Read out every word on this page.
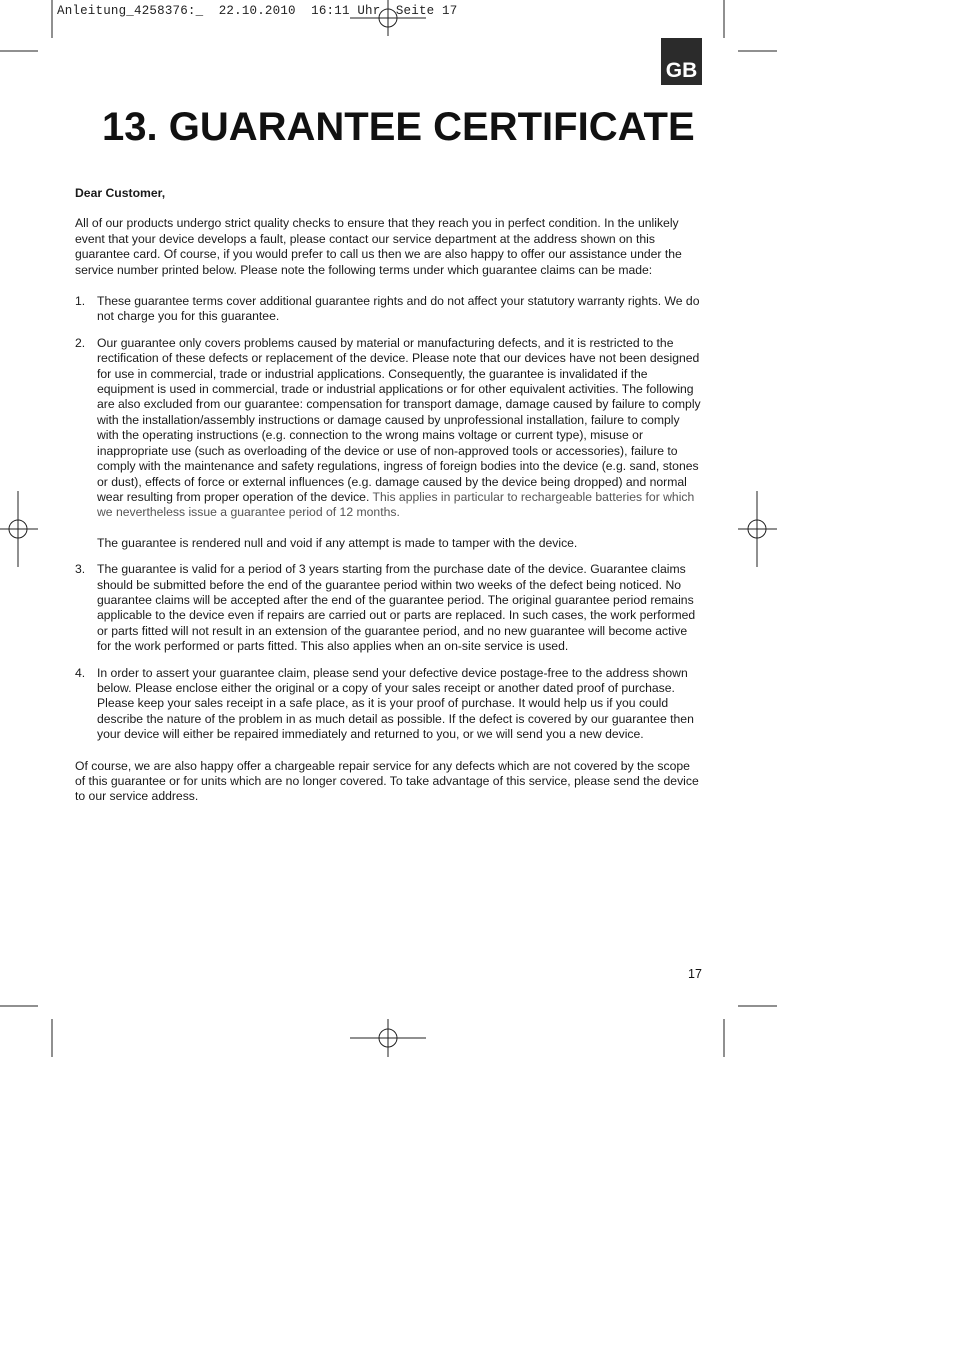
Anleitung_4258376:_  22.10.2010  16:11 Uhr  Seite 17
GB
13. GUARANTEE CERTIFICATE

Dear Customer,

All of our products undergo strict quality checks to ensure that they reach you in perfect condition. In the unlikely event that your device develops a fault, please contact our service department at the address shown on this guarantee card. Of course, if you would prefer to call us then we are also happy to offer our assistance under the service number printed below. Please note the following terms under which guarantee claims can be made:

1. These guarantee terms cover additional guarantee rights and do not affect your statutory warranty rights. We do not charge you for this guarantee.

2. Our guarantee only covers problems caused by material or manufacturing defects, and it is restricted to the rectification of these defects or replacement of the device. Please note that our devices have not been designed for use in commercial, trade or industrial applications. Consequently, the guarantee is invalidated if the equipment is used in commercial, trade or industrial applications or for other equivalent activities. The following are also excluded from our guarantee: compensation for transport damage, damage caused by failure to comply with the installation/assembly instructions or damage caused by unprofessional installation, failure to comply with the operating instructions (e.g. connection to the wrong mains voltage or current type), misuse or inappropriate use (such as overloading of the device or use of non-approved tools or accessories), failure to comply with the maintenance and safety regulations, ingress of foreign bodies into the device (e.g. sand, stones or dust), effects of force or external influences (e.g. damage caused by the device being dropped) and normal wear resulting from proper operation of the device. This applies in particular to rechargeable batteries for which we nevertheless issue a guarantee period of 12 months.

The guarantee is rendered null and void if any attempt is made to tamper with the device.

3. The guarantee is valid for a period of 3 years starting from the purchase date of the device. Guarantee claims should be submitted before the end of the guarantee period within two weeks of the defect being noticed. No guarantee claims will be accepted after the end of the guarantee period. The original guarantee period remains applicable to the device even if repairs are carried out or parts are replaced. In such cases, the work performed or parts fitted will not result in an extension of the guarantee period, and no new guarantee will become active for the work performed or parts fitted. This also applies when an on-site service is used.

4. In order to assert your guarantee claim, please send your defective device postage-free to the address shown below. Please enclose either the original or a copy of your sales receipt or another dated proof of purchase. Please keep your sales receipt in a safe place, as it is your proof of purchase. It would help us if you could describe the nature of the problem in as much detail as possible. If the defect is covered by our guarantee then your device will either be repaired immediately and returned to you, or we will send you a new device.

Of course, we are also happy offer a chargeable repair service for any defects which are not covered by the scope of this guarantee or for units which are no longer covered. To take advantage of this service, please send the device to our service address.

17
